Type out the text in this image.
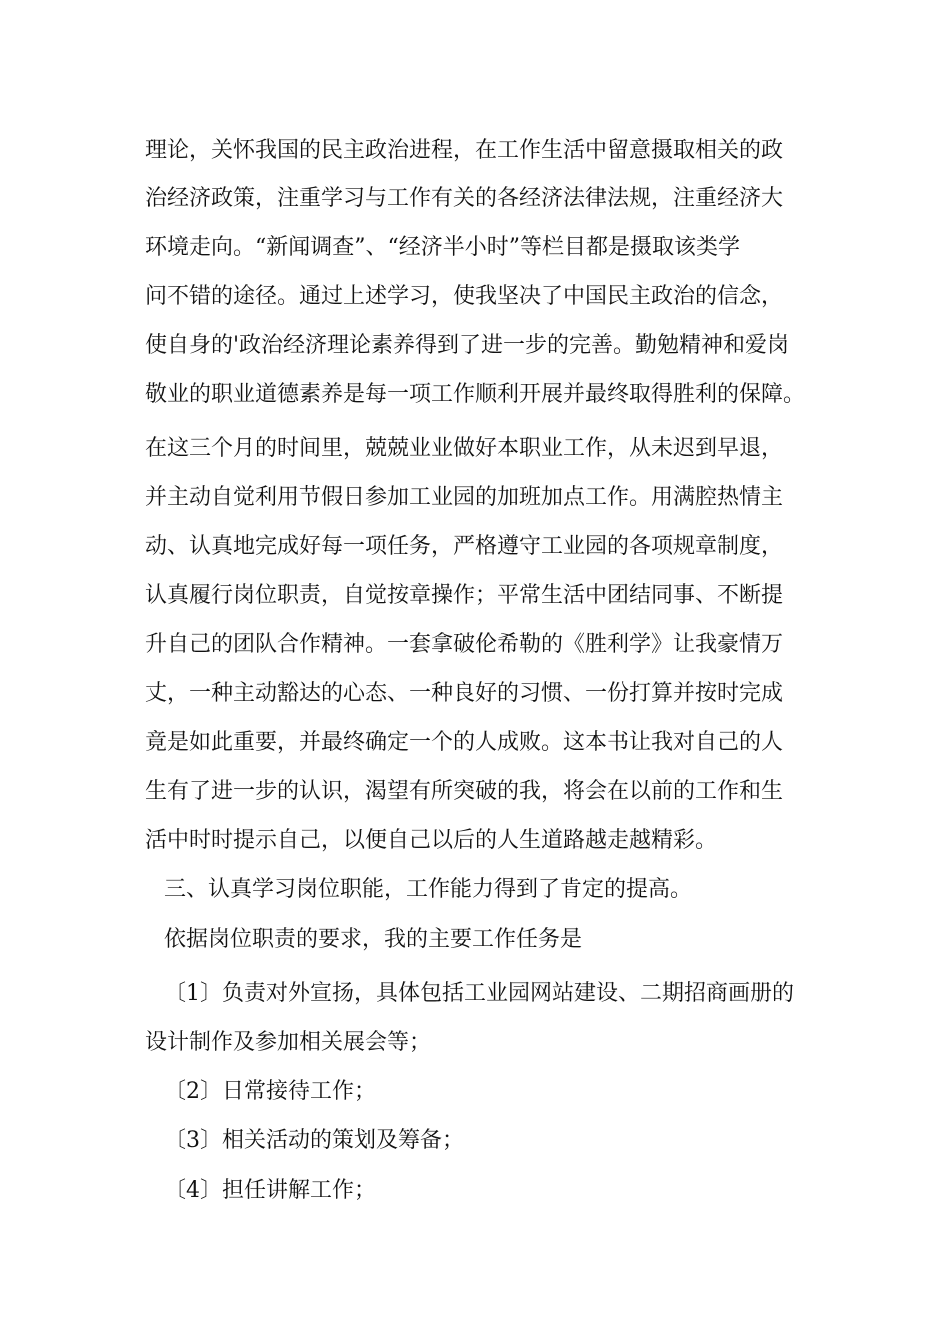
理论，关怀我国的民主政治进程，在工作生活中留意摄取相关的政
治经济政策，注重学习与工作有关的各经济法律法规，注重经济大
环境走向。“新闻调查”、“经济半小时”等栏目都是摄取该类学
问不错的途径。通过上述学习，使我坚决了中国民主政治的信念，
使自身的'政治经济理论素养得到了进一步的完善。勤勉精神和爱岗
敬业的职业道德素养是每一项工作顺利开展并最终取得胜利的保障。
在这三个月的时间里，兢兢业业做好本职业工作，从未迟到早退，
并主动自觉利用节假日参加工业园的加班加点工作。用满腔热情主
动、认真地完成好每一项任务，严格遵守工业园的各项规章制度，
认真履行岗位职责，自觉按章操作；平常生活中团结同事、不断提
升自己的团队合作精神。一套拿破伦希勒的《胜利学》让我豪情万
丈，一种主动豁达的心态、一种良好的习惯、一份打算并按时完成
竟是如此重要，并最终确定一个的人成败。这本书让我对自己的人
生有了进一步的认识，渴望有所突破的我，将会在以前的工作和生
活中时时提示自己，以便自己以后的人生道路越走越精彩。
三、认真学习岗位职能，工作能力得到了肯定的提高。
依据岗位职责的要求，我的主要工作任务是
〔1〕负责对外宣扬，具体包括工业园网站建设、二期招商画册的
设计制作及参加相关展会等；
〔2〕日常接待工作；
〔3〕相关活动的策划及筹备；
〔4〕担任讲解工作；
